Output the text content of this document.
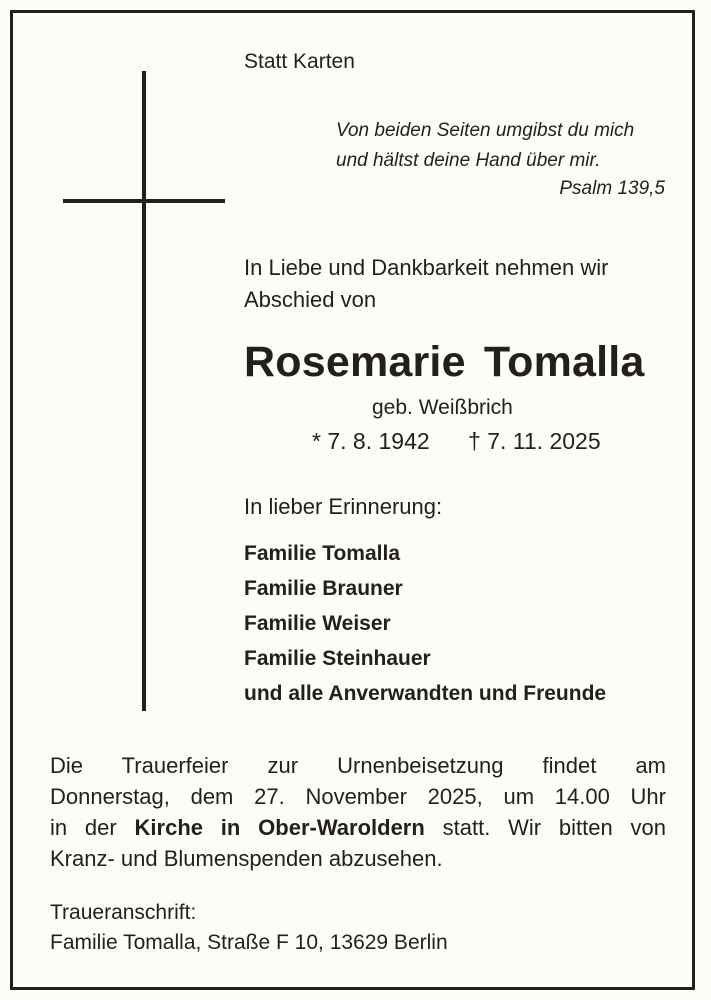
Statt Karten
Von beiden Seiten umgibst du mich
und hältst deine Hand über mir.
Psalm 139,5
In Liebe und Dankbarkeit nehmen wir
Abschied von
Rosemarie Tomalla
geb. Weißbrich
* 7. 8. 1942 † 7. 11. 2025
In lieber Erinnerung:
Familie Tomalla
Familie Brauner
Familie Weiser
Familie Steinhauer
und alle Anverwandten und Freunde
Die Trauerfeier zur Urnenbeisetzung findet am
Donnerstag, dem 27. November 2025, um 14.00 Uhr
in der Kirche in Ober-Waroldern statt. Wir bitten von
Kranz- und Blumenspenden abzusehen.
Traueranschrift:
Familie Tomalla, Straße F 10, 13629 Berlin
